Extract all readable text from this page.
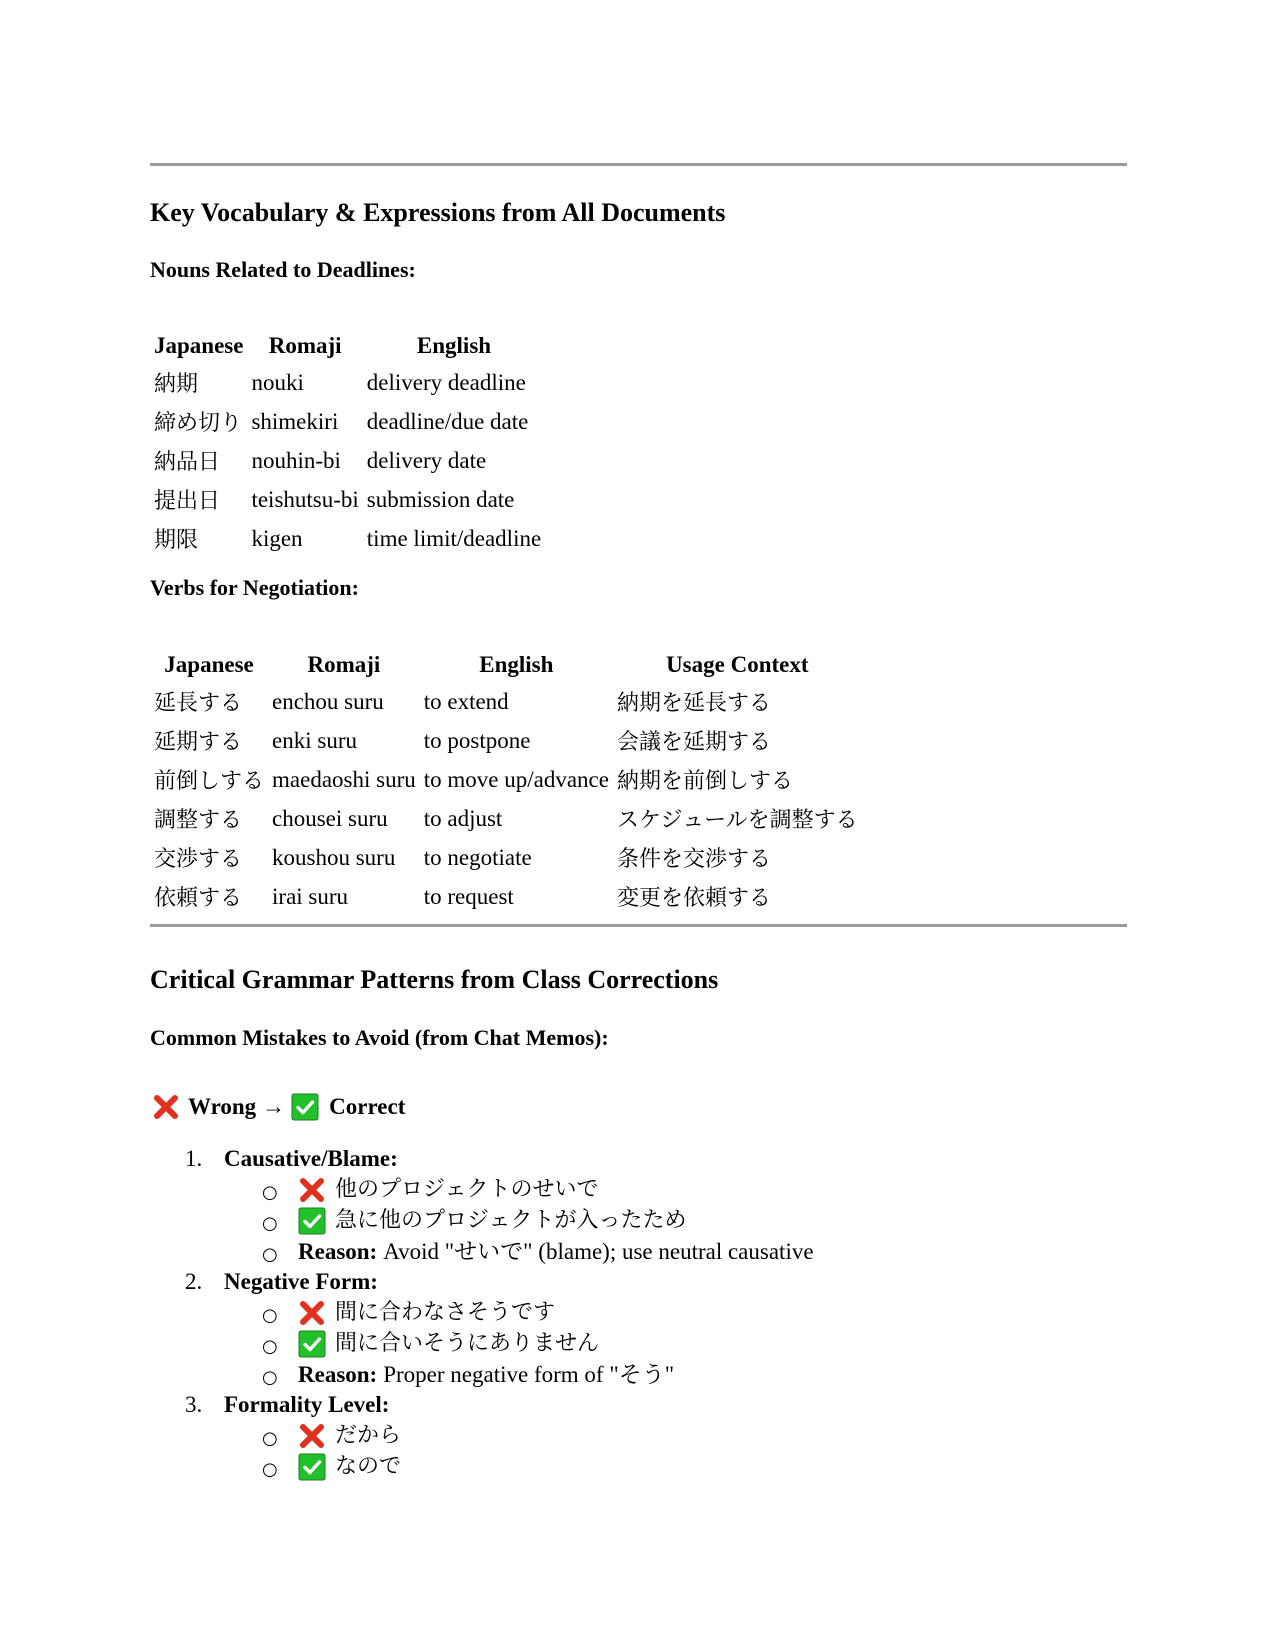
Key Vocabulary & Expressions from All Documents
Nouns Related to Deadlines:
Japanese	Romaji	English
納期	nouki	delivery deadline
締め切り	shimekiri	deadline/due date
納品日	nouhin-bi	delivery date
提出日	teishutsu-bi	submission date
期限	kigen	time limit/deadline
Verbs for Negotiation:
Japanese	Romaji	English	Usage Context
延長する	enchou suru	to extend	納期を延長する
延期する	enki suru	to postpone	会議を延期する
前倒しする	maedaoshi suru	to move up/advance	納期を前倒しする
調整する	chousei suru	to adjust	スケジュールを調整する
交渉する	koushou suru	to negotiate	条件を交渉する
依頼する	irai suru	to request	変更を依頼する
Critical Grammar Patterns from Class Corrections
Common Mistakes to Avoid (from Chat Memos):
Wrong → Correct
1. Causative/Blame:
○	他のプロジェクトのせいで
○	急に他のプロジェクトが入ったため
○ Reason: Avoid "せいで" (blame); use neutral causative
2. Negative Form:
○	間に合わなさそうです
○	間に合いそうにありません
○ Reason: Proper negative form of "そう"
3. Formality Level:
○	だから
○	なので
